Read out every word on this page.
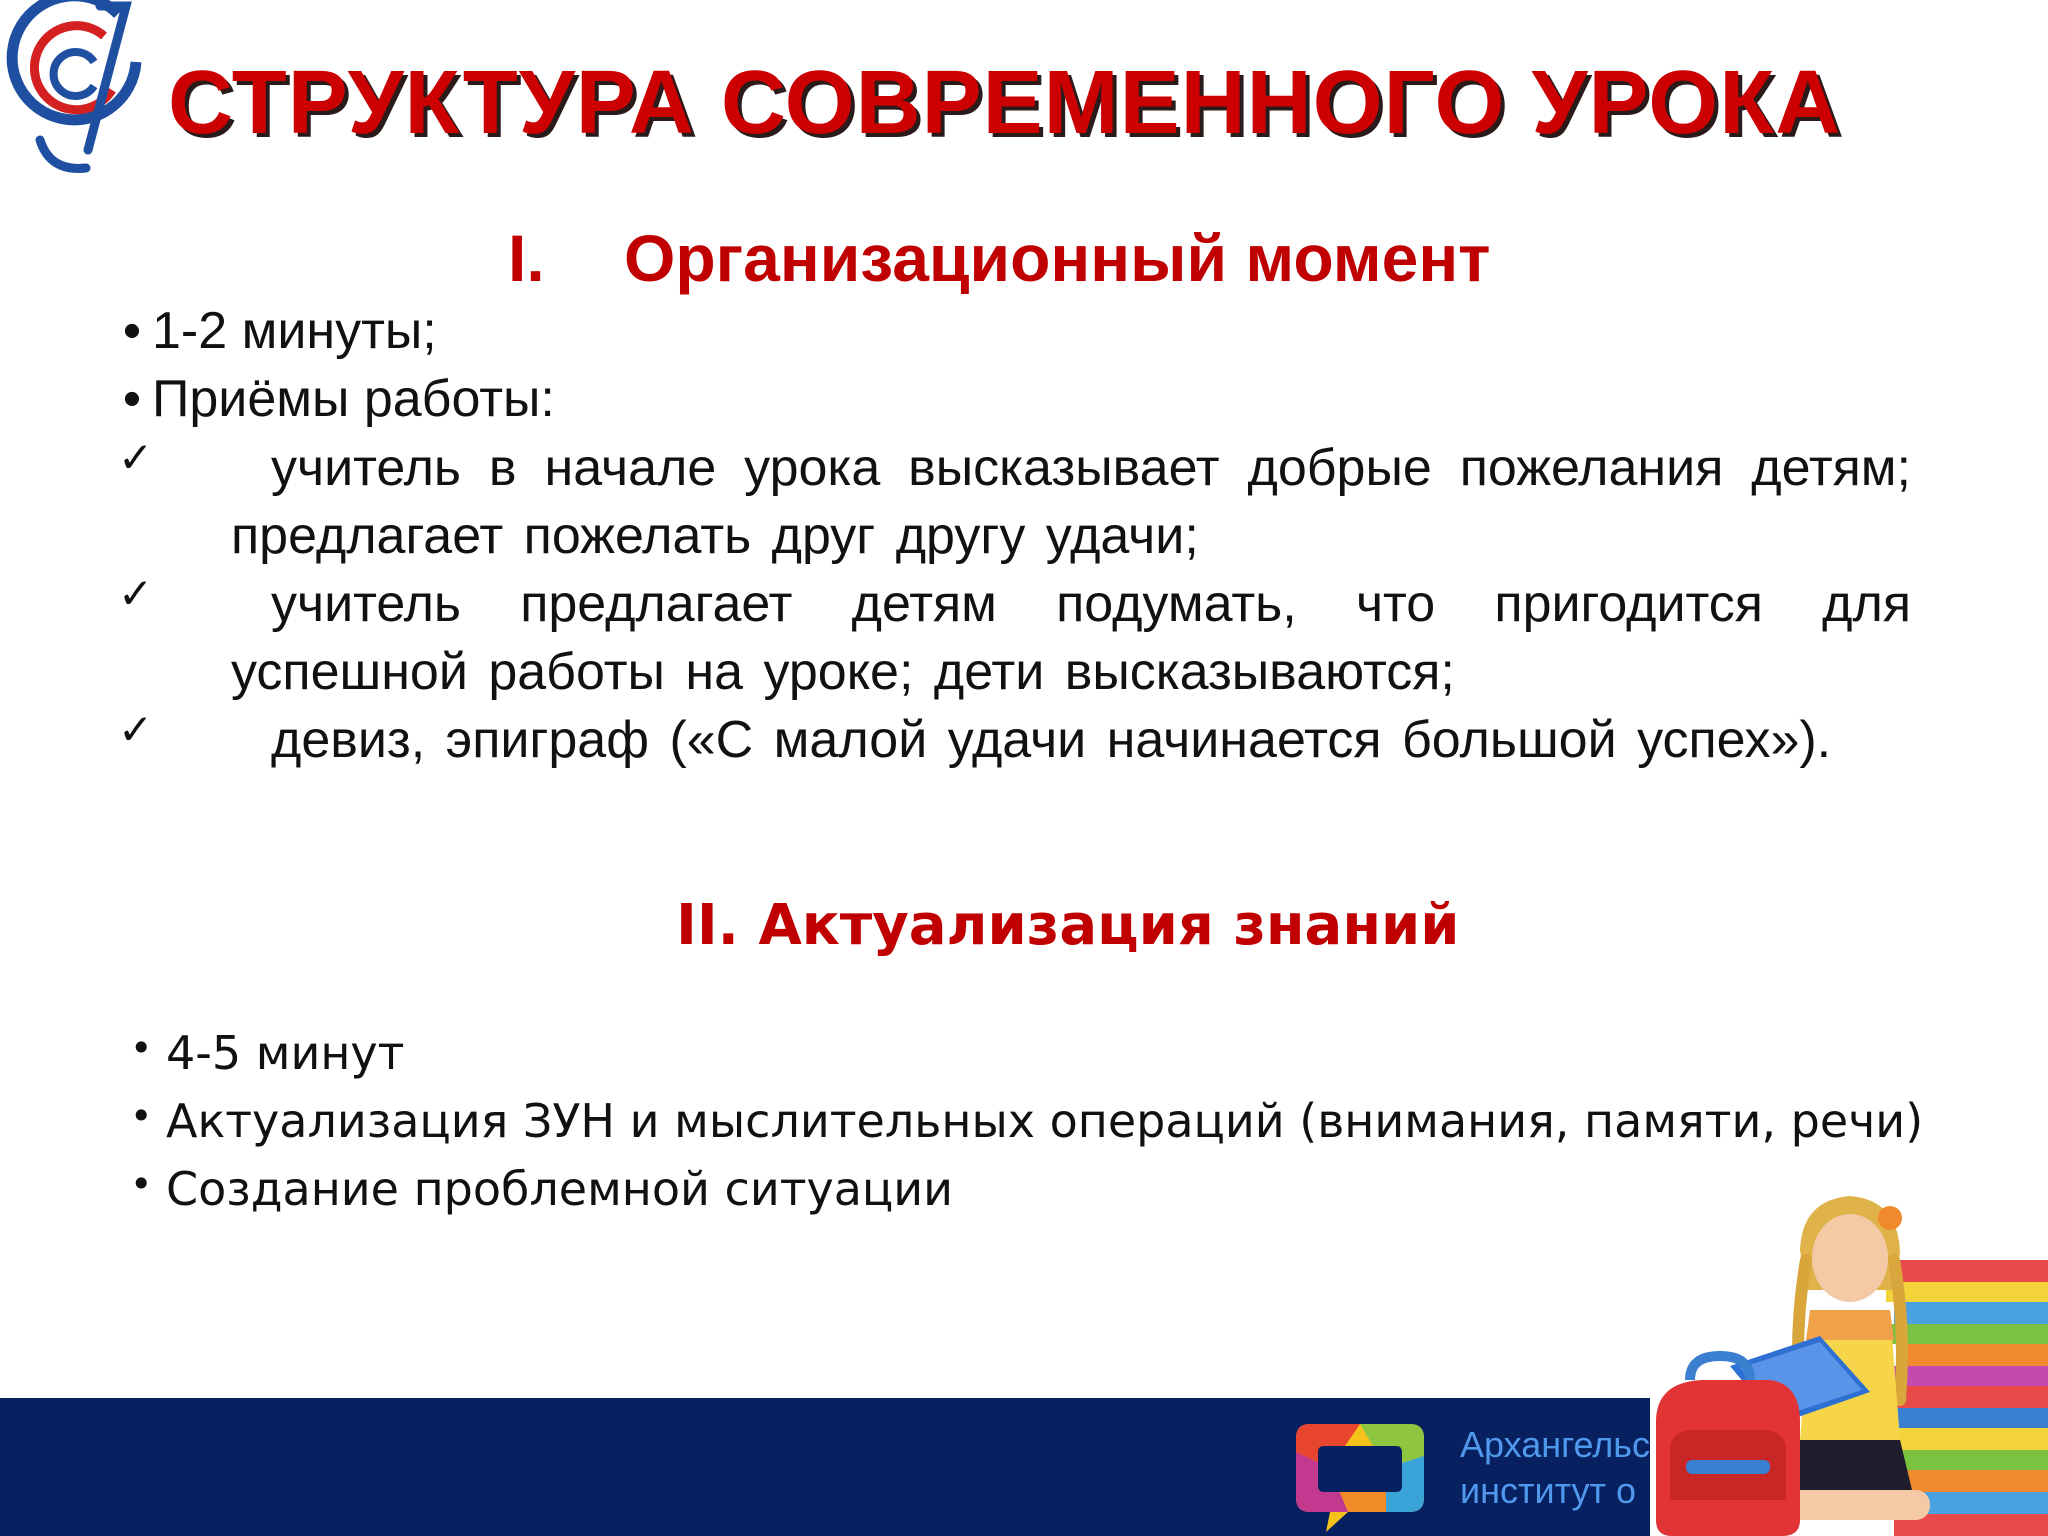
СТРУКТУРА СОВРЕМЕННОГО УРОКА
I. Организационный момент
• 1-2 минуты;
• Приёмы работы:
✓	учитель в начале урока высказывает добрые пожелания детям; предлагает пожелать друг другу удачи;

✓	учитель предлагает детям подумать, что пригодится для успешной работы на уроке; дети высказываются;

✓	девиз, эпиграф («С малой удачи начинается большой успех»).

II. Актуализация знаний
• 4-5 минут
• Актуализация ЗУН и мыслительных операций (внимания, памяти, речи)
• Создание проблемной ситуации
Архангельс
институт о
